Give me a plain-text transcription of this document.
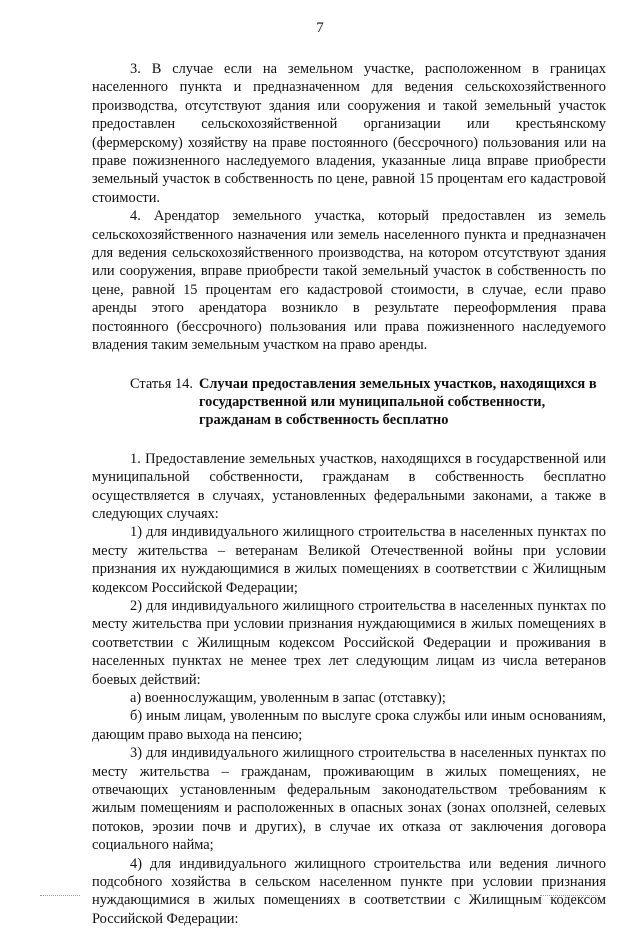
7

3. В случае если на земельном участке, расположенном в границах населенного пункта и предназначенном для ведения сельскохозяйственного производства, отсутствуют здания или сооружения и такой земельный участок предоставлен сельскохозяйственной организации или крестьянскому (фермерскому) хозяйству на праве постоянного (бессрочного) пользования или на праве пожизненного наследуемого владения, указанные лица вправе приобрести земельный участок в собственность по цене, равной 15 процентам его кадастровой стоимости.

4. Арендатор земельного участка, который предоставлен из земель сельскохозяйственного назначения или земель населенного пункта и предназначен для ведения сельскохозяйственного производства, на котором отсутствуют здания или сооружения, вправе приобрести такой земельный участок в собственность по цене, равной 15 процентам его кадастровой стоимости, в случае, если право аренды этого арендатора возникло в результате переоформления права постоянного (бессрочного) пользования или права пожизненного наследуемого владения таким земельным участком на право аренды.

Статья 14. Случаи предоставления земельных участков, находящихся в государственной или муниципальной собственности, гражданам в собственность бесплатно

1. Предоставление земельных участков, находящихся в государственной или муниципальной собственности, гражданам в собственность бесплатно осуществляется в случаях, установленных федеральными законами, а также в следующих случаях:

1) для индивидуального жилищного строительства в населенных пунктах по месту жительства – ветеранам Великой Отечественной войны при условии признания их нуждающимися в жилых помещениях в соответствии с Жилищным кодексом Российской Федерации;

2) для индивидуального жилищного строительства в населенных пунктах по месту жительства при условии признания нуждающимися в жилых помещениях в соответствии с Жилищным кодексом Российской Федерации и проживания в населенных пунктах не менее трех лет следующим лицам из числа ветеранов боевых действий:

а) военнослужащим, уволенным в запас (отставку);

б) иным лицам, уволенным по выслуге срока службы или иным основаниям, дающим право выхода на пенсию;

3) для индивидуального жилищного строительства в населенных пунктах по месту жительства – гражданам, проживающим в жилых помещениях, не отвечающих установленным федеральным законодательством требованиям к жилым помещениям и расположенных в опасных зонах (зонах оползней, селевых потоков, эрозии почв и других), в случае их отказа от заключения договора социального найма;

4) для индивидуального жилищного строительства или ведения личного подсобного хозяйства в сельском населенном пункте при условии признания нуждающимися в жилых помещениях в соответствии с Жилищным кодексом Российской Федерации:
